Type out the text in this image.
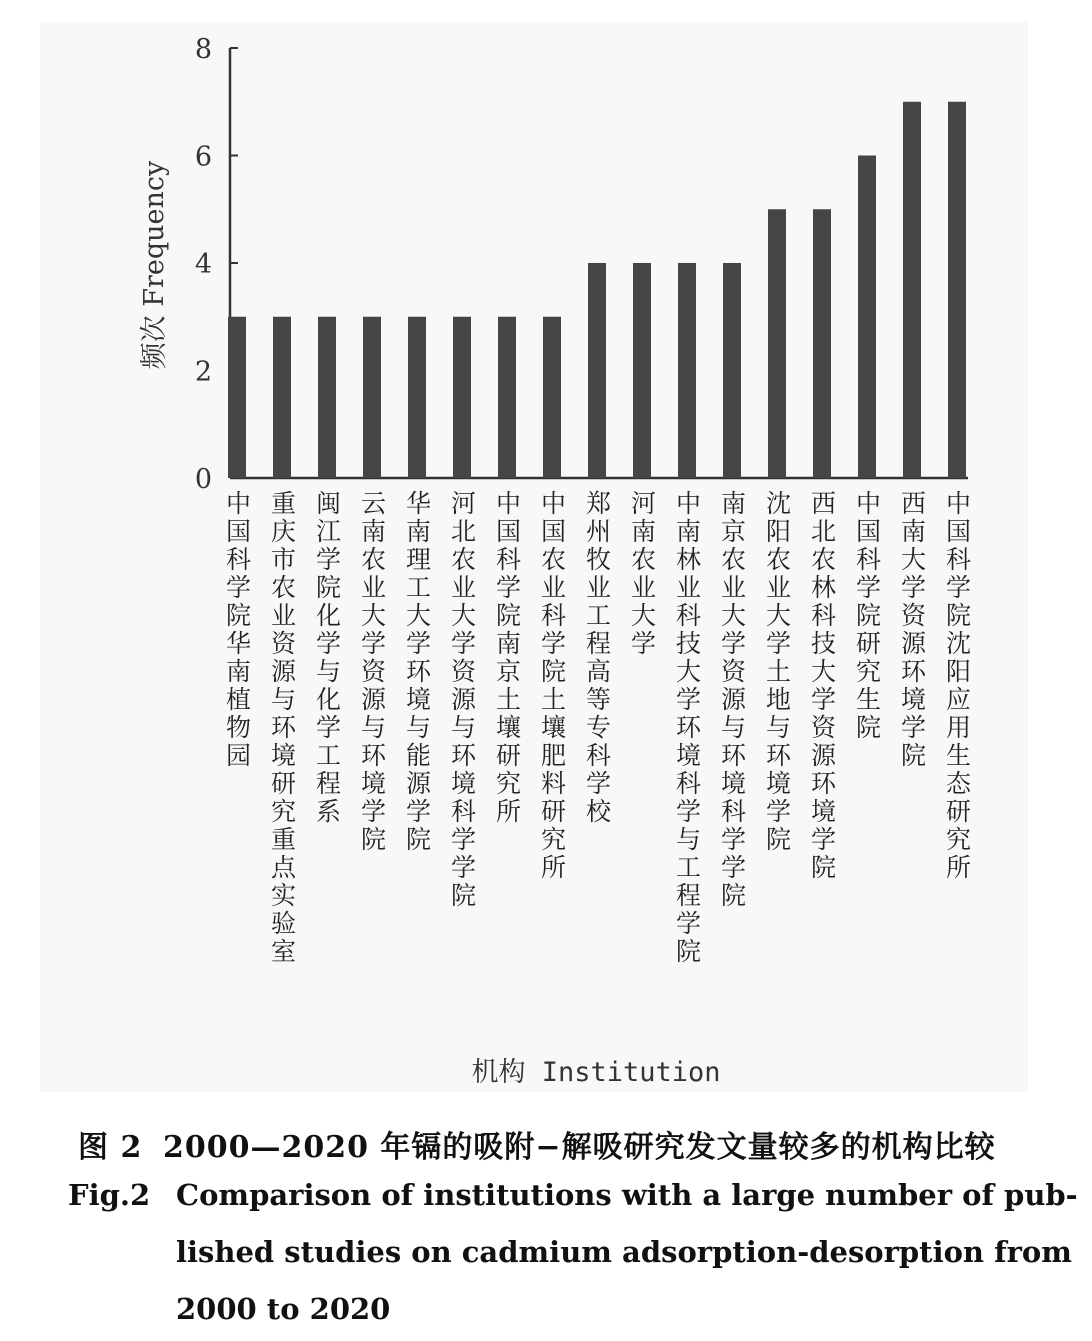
0
2
4
6
8
中国科学院华南植物园 重庆市农业资源与环境研究重点实验室 闽江学院化学与化学工程系 云南农业大学资源与环境学院 华南理工大学环境与能源学院 河北农业大学资源与环境科学学院 中国科学院南京土壤研究所 中国农业科学院土壤肥料研究所 郑州牧业工程高等专科学校 河南农业大学 中南林业科技大学环境科学与工程学院 南京农业大学资源与环境科学学院 沈阳农业大学土地与环境学院 西北农林科技大学资源环境学院 中国科学院研究生院 西南大学资源环境学院 中国科学院沈阳应用生态研究所
频次 Frequency
机构 Institution
图 2 2000—2020 年镉的吸附−解吸研究发文量较多的机构比较
Fig.2 Comparison of institutions with a large number of pub-
lished studies on cadmium adsorption-desorption from
2000 to 2020
